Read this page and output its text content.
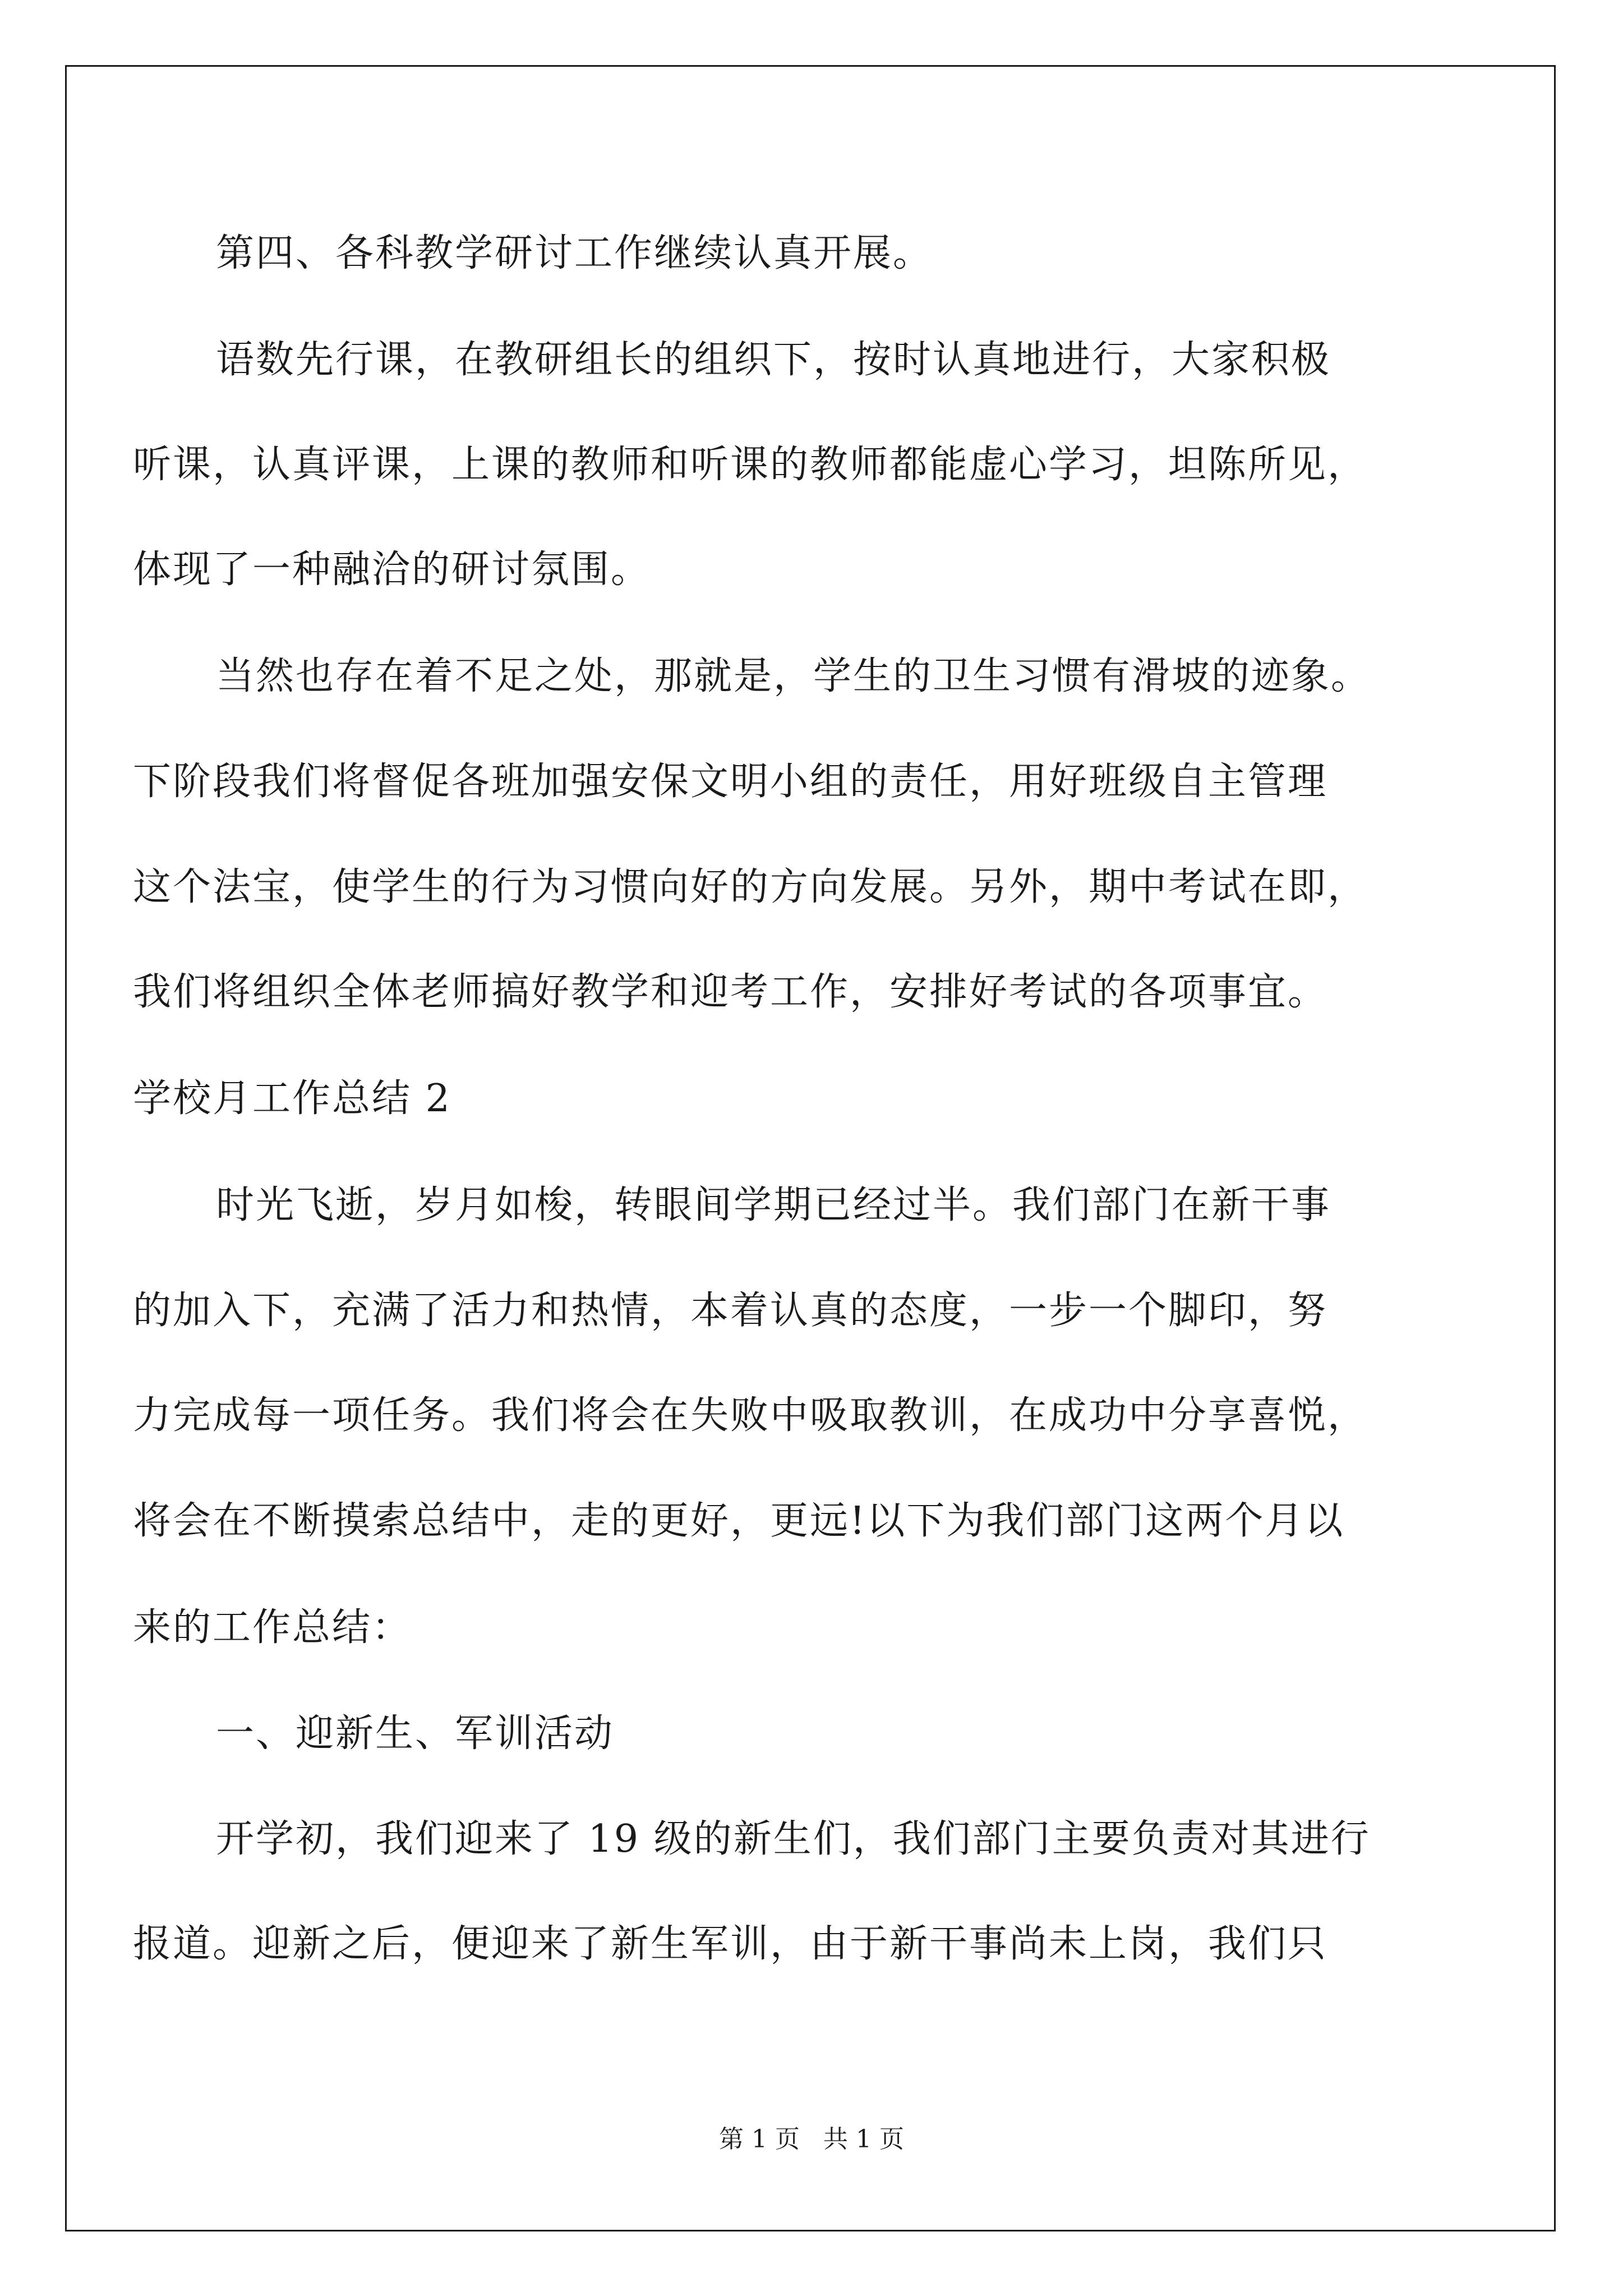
第四、各科教学研讨工作继续认真开展。
语数先行课，在教研组长的组织下，按时认真地进行，大家积极
听课，认真评课，上课的教师和听课的教师都能虚心学习，坦陈所见，
体现了一种融洽的研讨氛围。
当然也存在着不足之处，那就是，学生的卫生习惯有滑坡的迹象。
下阶段我们将督促各班加强安保文明小组的责任，用好班级自主管理
这个法宝，使学生的行为习惯向好的方向发展。另外，期中考试在即，
我们将组织全体老师搞好教学和迎考工作，安排好考试的各项事宜。
学校月工作总结 2
时光飞逝，岁月如梭，转眼间学期已经过半。我们部门在新干事
的加入下，充满了活力和热情，本着认真的态度，一步一个脚印，努
力完成每一项任务。我们将会在失败中吸取教训，在成功中分享喜悦，
将会在不断摸索总结中，走的更好，更远!以下为我们部门这两个月以
来的工作总结：
一、迎新生、军训活动
开学初，我们迎来了 19 级的新生们，我们部门主要负责对其进行
报道。迎新之后，便迎来了新生军训，由于新干事尚未上岗，我们只
第 1 页   共 1 页
